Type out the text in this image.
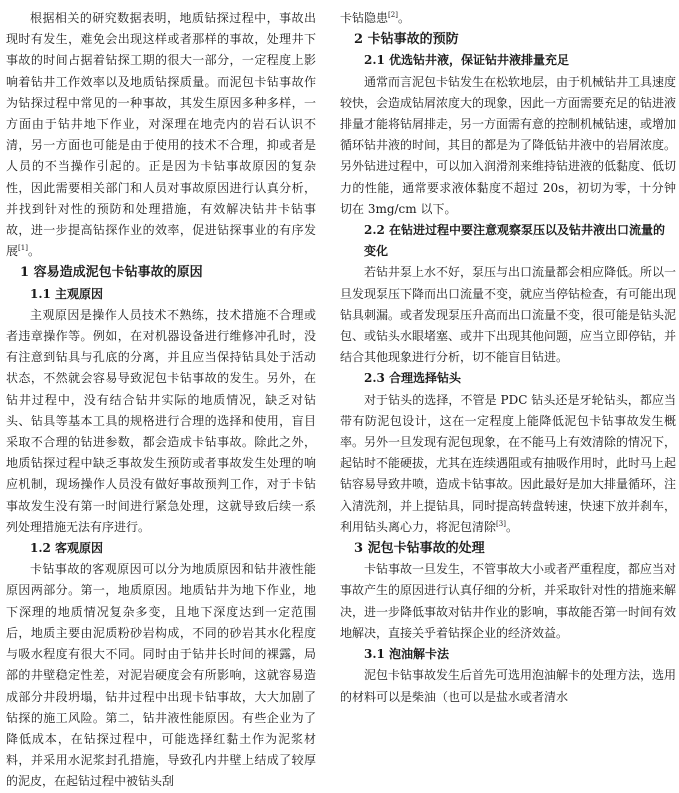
根据相关的研究数据表明，地质钻探过程中，事故出现时有发生，难免会出现这样或者那样的事故，处理井下事故的时间占据着钻探工期的很大一部分，一定程度上影响着钻井工作效率以及地质钻探质量。而泥包卡钻事故作为钻探过程中常见的一种事故，其发生原因多种多样，一方面由于钻井地下作业，对深理在地壳内的岩石认识不清，另一方面也可能是由于使用的技术不合理，抑或者是人员的不当操作引起的。正是因为卡钻事故原因的复杂性，因此需要相关部门和人员对事故原因进行认真分析，并找到针对性的预防和处理措施，有效解决钻井卡钻事故，进一步提高钻探作业的效率，促进钻探事业的有序发展[1]。

1 容易造成泥包卡钻事故的原因
1.1 主观原因

主观原因是操作人员技术不熟练，技术措施不合理或者违章操作等。例如，在对机器设备进行维修冲孔时，没有注意到钻具与孔底的分离，并且应当保持钻具处于活动状态，不然就会容易导致泥包卡钻事故的发生。另外，在钻井过程中，没有结合钻井实际的地质情况，缺乏对钻头、钻具等基本工具的规格进行合理的选择和使用，盲目采取不合理的钻进参数，都会造成卡钻事故。除此之外，地质钻探过程中缺乏事故发生预防或者事故发生处理的响应机制，现场操作人员没有做好事故预判工作，对于卡钻事故发生没有第一时间进行紧急处理，这就导致后续一系列处理措施无法有序进行。

1.2 客观原因

卡钻事故的客观原因可以分为地质原因和钻井液性能原因两部分。第一，地质原因。地质钻井为地下作业，地下深理的地质情况复杂多变，且地下深度达到一定范围后，地质主要由泥质粉砂岩构成，不同的砂岩其水化程度与吸水程度有很大不同。同时由于钻井长时间的裸露，局部的井壁稳定性差，对泥岩硬度会有所影响，这就容易造成部分井段坍塌，钻井过程中出现卡钻事故，大大加剧了钻探的施工风险。第二，钻井液性能原因。有些企业为了降低成本，在钻探过程中，可能选择红黏土作为泥浆材料，并采用水泥浆封孔措施，导致孔内井壁上结成了较厚的泥皮，在起钻过程中被钻头刮

卡钻隐患[2]。

2 卡钻事故的预防
2.1 优选钻井液，保证钻井液排量充足

通常而言泥包卡钻发生在松软地层，由于机械钻井工具速度较快，会造成钻屑浓度大的现象，因此一方面需要充足的钻进液排量才能将钻屑排走，另一方面需有意的控制机械钻速，或增加循环钻井液的时间，其目的都是为了降低钻井液中的岩屑浓度。另外钻进过程中，可以加入润滑剂来维持钻进液的低黏度、低切力的性能，通常要求液体黏度不超过 20s，初切为零，十分钟切在 3mg/cm 以下。

2.2 在钻进过程中要注意观察泵压以及钻井液出口流量的变化

若钻井泵上水不好，泵压与出口流量都会相应降低。所以一旦发现泵压下降而出口流量不变，就应当停钻检查，有可能出现钻具刺漏。或者发现泵压升高而出口流量不变，很可能是钻头泥包、或钻头水眼堵塞、或井下出现其他问题，应当立即停钻，并结合其他现象进行分析，切不能盲目钻进。

2.3 合理选择钻头

对于钻头的选择，不管是 PDC 钻头还是牙轮钻头，都应当带有防泥包设计，这在一定程度上能降低泥包卡钻事故发生概率。另外一旦发现有泥包现象，在不能马上有效清除的情况下，起钻时不能硬拔，尤其在连续遇阻或有抽吸作用时，此时马上起钻容易导致井喷，造成卡钻事故。因此最好是加大排量循环，注入清洗剂，并上提钻具，同时提高转盘转速，快速下放并刹车，利用钻头离心力，将泥包清除[3]。

3 泥包卡钻事故的处理

卡钻事故一旦发生，不管事故大小或者严重程度，都应当对事故产生的原因进行认真仔细的分析，并采取针对性的措施来解决，进一步降低事故对钻井作业的影响，事故能否第一时间有效地解决，直接关乎着钻探企业的经济效益。

3.1 泡油解卡法

泥包卡钻事故发生后首先可选用泡油解卡的处理方法，选用的材料可以是柴油（也可以是盐水或者清水
